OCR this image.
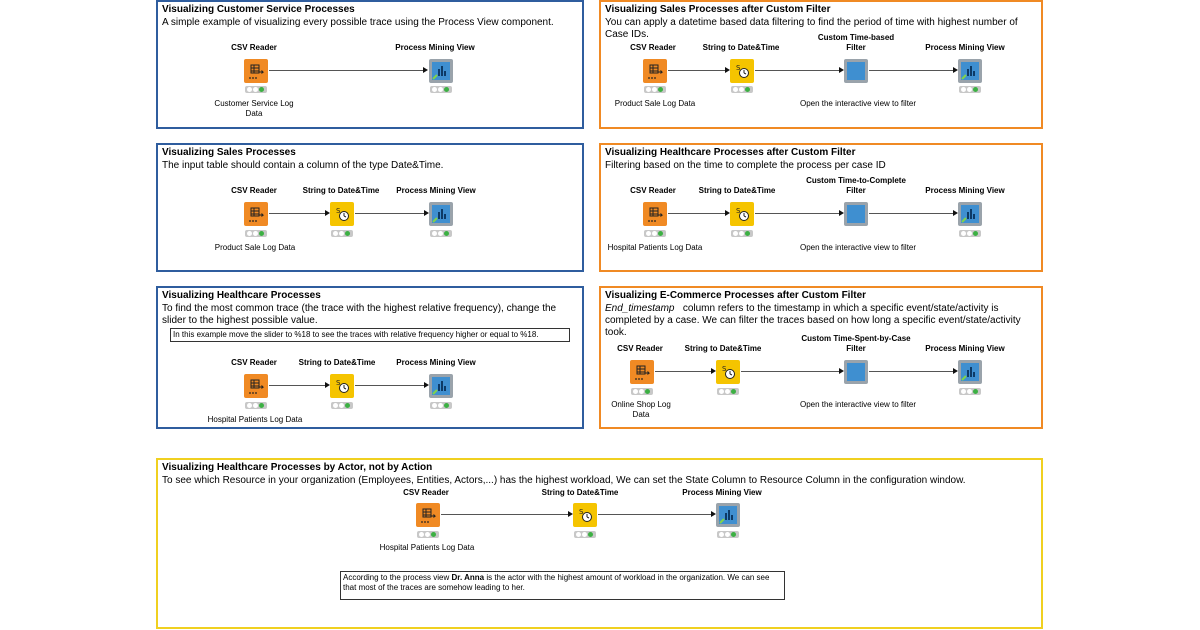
Visualizing Customer Service Processes
A simple example of visualizing every possible trace using the Process View component.
CSV Reader	Process Mining View
Customer Service Log Data
Visualizing Sales Processes
The input table should contain a column of the type Date&Time.
CSV Reader	String to Date&Time	Process Mining View
Product Sale Log Data
Visualizing Healthcare Processes
To find the most common trace (the trace with the highest relative frequency), change the slider to the highest possible value.
In this example move the slider to %18 to see the traces with relative frequency higher or equal to %18.
CSV Reader	String to Date&Time	Process Mining View
Hospital Patients Log Data
Visualizing Sales Processes after Custom Filter
You can apply a datetime based data filtering to find the period of time with highest number of Case IDs.
CSV Reader	String to Date&Time
Custom Time-based Filter	Process Mining View
Product Sale Log Data	Open the interactive view to filter
Visualizing Healthcare Processes after Custom Filter
Filtering based on the time to complete the process per case ID
CSV Reader	String to Date&Time
Custom Time-to-Complete Filter	Process Mining View
Hospital Patients Log Data	Open the interactive view to filter
Visualizing E-Commerce Processes after Custom Filter
End_timestamp   column refers to the timestamp in which a specific event/state/activity is completed by a case. We can filter the traces based on how long a specific event/state/activity took.
CSV Reader	String to Date&Time
Custom Time-Spent-by-Case Filter	Process Mining View
Online Shop Log Data
Open the interactive view to filter
Visualizing Healthcare Processes by Actor, not by Action
To see which Resource in your organization (Employees, Entities, Actors,...) has the highest workload, We can set the State Column to Resource Column in the configuration window.
CSV Reader	String to Date&Time	Process Mining View
Hospital Patients Log Data
According to the process view Dr. Anna is the actor with the highest amount of workload in the organization. We can see that most of the traces are somehow leading to her.
